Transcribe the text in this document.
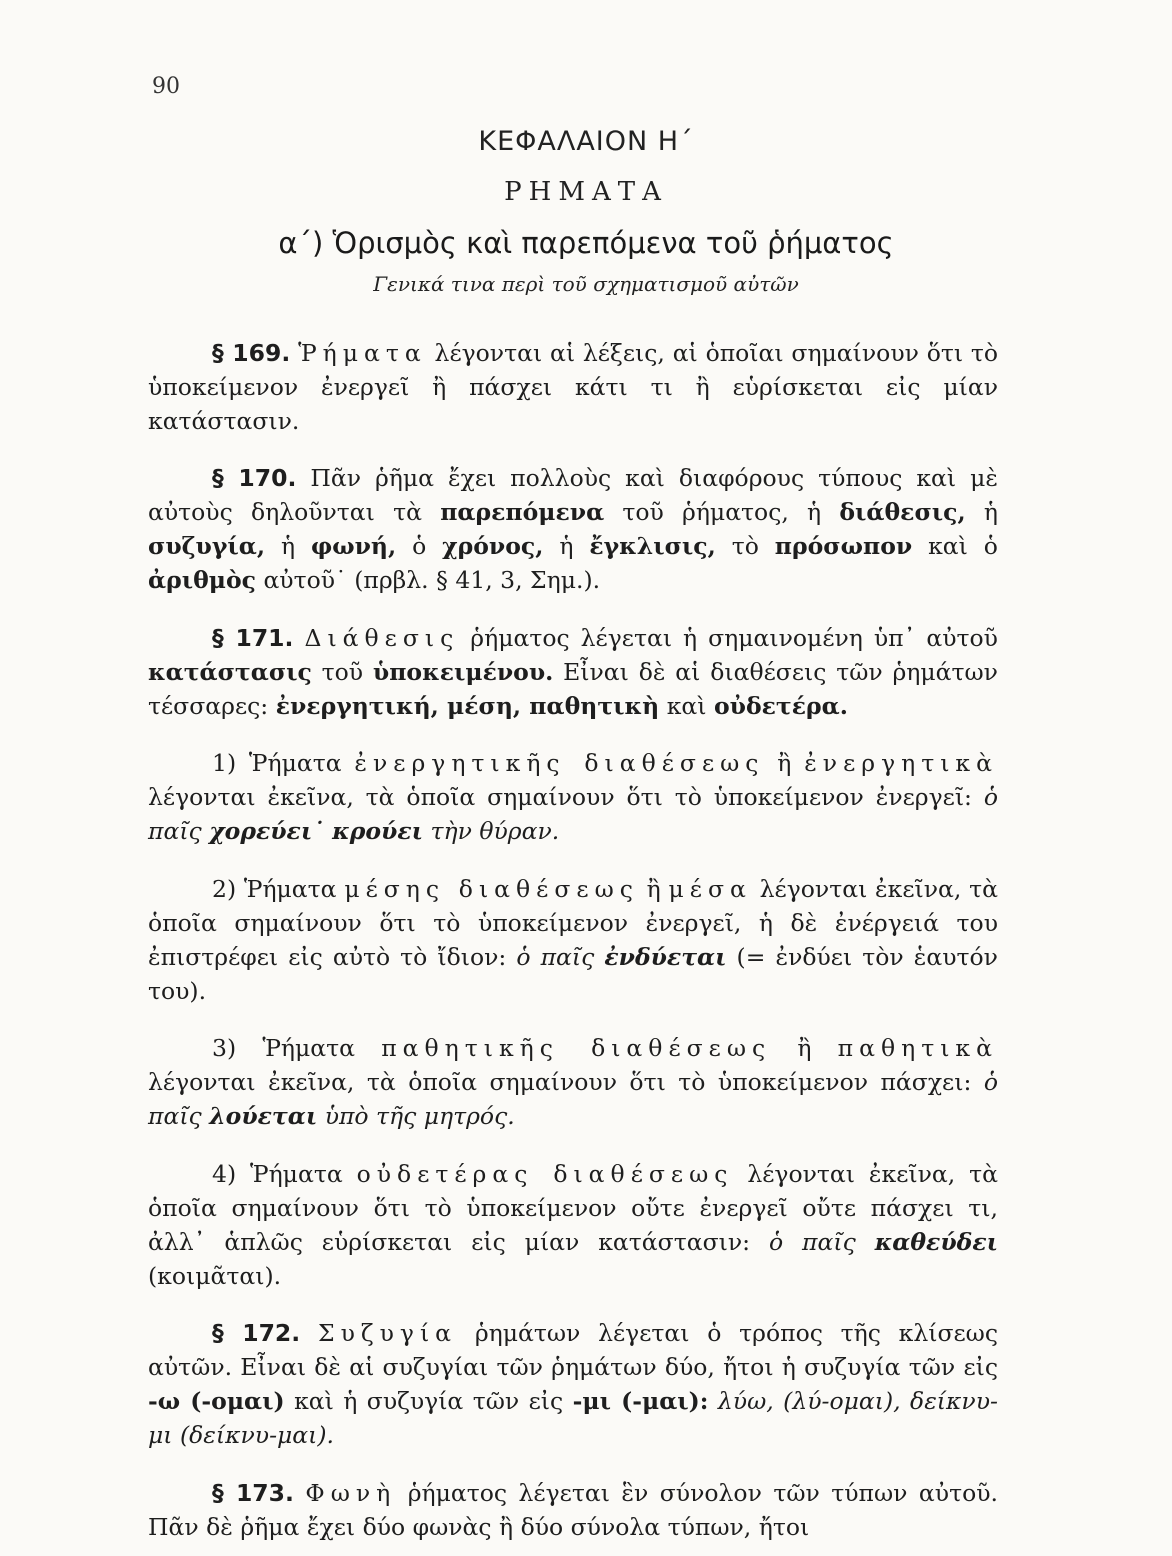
90
ΚΕΦΑΛΑΙΟΝ Η΄
ΡΗΜΑΤΑ
α΄) Ὁρισμὸς καὶ παρεπόμενα τοῦ ῥήματος
Γενικά τινα περὶ τοῦ σχηματισμοῦ αὐτῶν

§ 169. Ῥήματα λέγονται αἱ λέξεις, αἱ ὁποῖαι σημαίνουν ὅτι τὸ ὑποκείμενον ἐνεργεῖ ἢ πάσχει κάτι τι ἢ εὑρίσκεται εἰς μίαν κατάστασιν.

§ 170. Πᾶν ῥῆμα ἔχει πολλοὺς καὶ διαφόρους τύπους καὶ μὲ αὐτοὺς δηλοῦνται τὰ παρεπόμενα τοῦ ῥήματος, ἡ διάθεσις, ἡ συζυγία, ἡ φωνή, ὁ χρόνος, ἡ ἔγκλισις, τὸ πρόσωπον καὶ ὁ ἀριθμὸς αὐτοῦ˙ (πρβλ. § 41, 3, Σημ.).

§ 171. Διάθεσις ῥήματος λέγεται ἡ σημαινομένη ὑπ᾽ αὐτοῦ κατάστασις τοῦ ὑποκειμένου. Εἶναι δὲ αἱ διαθέσεις τῶν ῥημάτων τέσσαρες: ἐνεργητική, μέση, παθητικὴ καὶ οὐδετέρα.

1) Ῥήματα ἐνεργητικῆς διαθέσεως ἢ ἐνεργητικὰ λέγονται ἐκεῖνα, τὰ ὁποῖα σημαίνουν ὅτι τὸ ὑποκείμενον ἐνεργεῖ: ὁ παῖς χορεύει˙ κρούει τὴν θύραν.

2) Ῥήματα μέσης διαθέσεως ἢ μέσα λέγονται ἐκεῖνα, τὰ ὁποῖα σημαίνουν ὅτι τὸ ὑποκείμενον ἐνεργεῖ, ἡ δὲ ἐνέργειά του ἐπιστρέφει εἰς αὐτὸ τὸ ἴδιον: ὁ παῖς ἐνδύεται (= ἐνδύει τὸν ἑαυτόν του).

3) Ῥήματα παθητικῆς διαθέσεως ἢ παθητικὰ λέγονται ἐκεῖνα, τὰ ὁποῖα σημαίνουν ὅτι τὸ ὑποκείμενον πάσχει: ὁ παῖς λούεται ὑπὸ τῆς μητρός.

4) Ῥήματα οὐδετέρας διαθέσεως λέγονται ἐκεῖνα, τὰ ὁποῖα σημαίνουν ὅτι τὸ ὑποκείμενον οὔτε ἐνεργεῖ οὔτε πάσχει τι, ἀλλ᾽ ἁπλῶς εὑρίσκεται εἰς μίαν κατάστασιν: ὁ παῖς καθεύδει (κοιμᾶται).

§ 172. Συζυγία ῥημάτων λέγεται ὁ τρόπος τῆς κλίσεως αὐτῶν. Εἶναι δὲ αἱ συζυγίαι τῶν ῥημάτων δύο, ἤτοι ἡ συζυγία τῶν εἰς -ω (-ομαι) καὶ ἡ συζυγία τῶν εἰς -μι (-μαι): λύω, (λύ-ομαι), δείκνυ-μι (δείκνυ-μαι).

§ 173. Φωνὴ ῥήματος λέγεται ἓν σύνολον τῶν τύπων αὐτοῦ. Πᾶν δὲ ῥῆμα ἔχει δύο φωνὰς ἢ δύο σύνολα τύπων, ἤτοι
